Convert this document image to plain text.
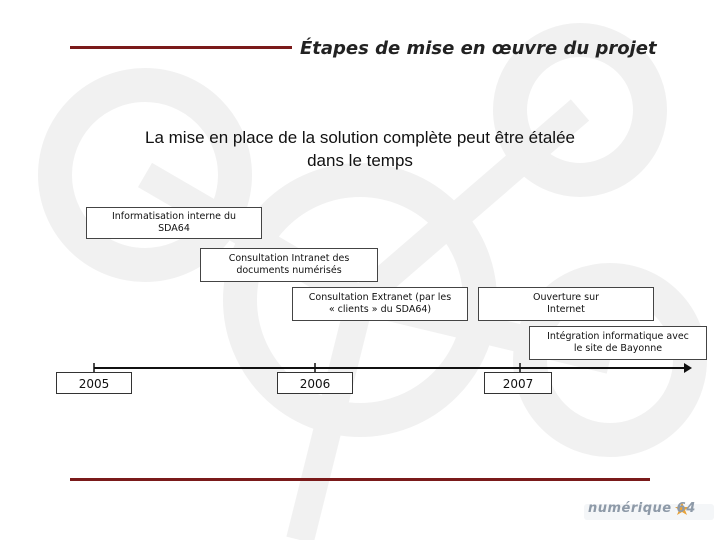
Étapes de mise en œuvre du projet
La mise en place de la solution complète peut être étalée
dans le temps
Informatisation interne du
SDA64
Consultation Intranet des
documents numérisés
Consultation Extranet (par les
« clients » du SDA64)
Ouverture sur
Internet
Intégration informatique avec
le site de Bayonne
2005	2006	2007
numérique 64
